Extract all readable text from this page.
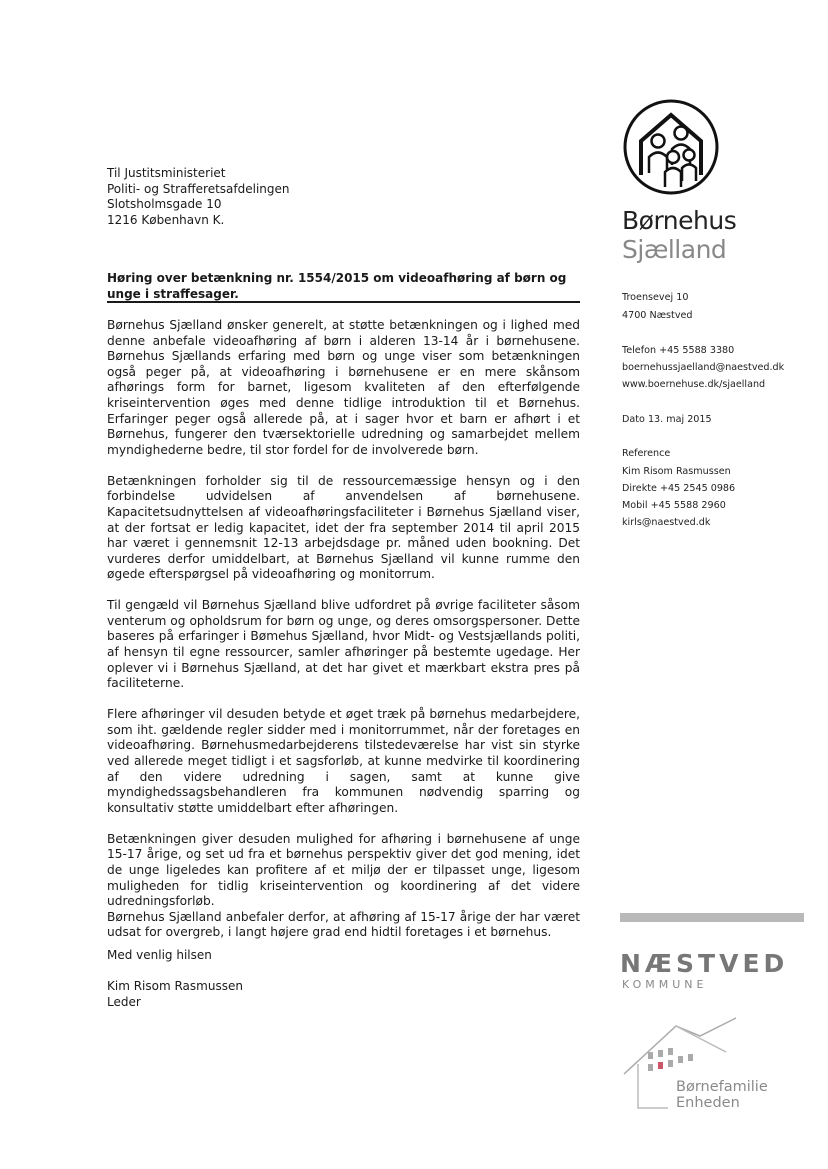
Til Justitsministeriet
Politi- og Strafferetsafdelingen
Slotsholmsgade 10
1216 København K.
Høring over betænkning nr. 1554/2015 om videoafhøring af børn og unge i straffesager.

Børnehus Sjælland ønsker generelt, at støtte betænkningen og i lighed med denne anbefale videoafhøring af børn i alderen 13-14 år i børnehusene. Børnehus Sjællands erfaring med børn og unge viser som betænkningen også peger på, at videoafhøring i børnehusene er en mere skånsom afhørings form for barnet, ligesom kvaliteten af den efterfølgende kriseintervention øges med denne tidlige introduktion til et Børnehus. Erfaringer peger også allerede på, at i sager hvor et barn er afhørt i et Børnehus, fungerer den tværsektorielle udredning og samarbejdet mellem myndighederne bedre, til stor fordel for de involverede børn.

Betænkningen forholder sig til de ressourcemæssige hensyn og i den forbindelse udvidelsen af anvendelsen af børnehusene. Kapacitetsudnyttelsen af videoafhøringsfaciliteter i Børnehus Sjælland viser, at der fortsat er ledig kapacitet, idet der fra september 2014 til april 2015 har været i gennemsnit 12-13 arbejdsdage pr. måned uden bookning. Det vurderes derfor umiddelbart, at Børnehus Sjælland vil kunne rumme den øgede efterspørgsel på videoafhøring og monitorrum.

Til gengæld vil Børnehus Sjælland blive udfordret på øvrige faciliteter såsom venterum og opholdsrum for børn og unge, og deres omsorgspersoner. Dette baseres på erfaringer i Bømehus Sjælland, hvor Midt- og Vestsjællands politi, af hensyn til egne ressourcer, samler afhøringer på bestemte ugedage. Her oplever vi i Børnehus Sjælland, at det har givet et mærkbart ekstra pres på faciliteterne.

Flere afhøringer vil desuden betyde et øget træk på børnehus medarbejdere, som iht. gældende regler sidder med i monitorrummet, når der foretages en videoafhøring. Børnehusmedarbejderens tilstedeværelse har vist sin styrke ved allerede meget tidligt i et sagsforløb, at kunne medvirke til koordinering af den videre udredning i sagen, samt at kunne give myndighedssagsbehandleren fra kommunen nødvendig sparring og konsultativ støtte umiddelbart efter afhøringen.

Betænkningen giver desuden mulighed for afhøring i børnehusene af unge 15-17 årige, og set ud fra et børnehus perspektiv giver det god mening, idet de unge ligeledes kan profitere af et miljø der er tilpasset unge, ligesom muligheden for tidlig kriseintervention og koordinering af det videre udredningsforløb.

Børnehus Sjælland anbefaler derfor, at afhøring af 15-17 årige der har været udsat for overgreb, i langt højere grad end hidtil foretages i et børnehus.

Med venlig hilsen
Kim Risom Rasmussen
Leder
Børnehus
Sjælland
Troensevej 10
4700 Næstved
Telefon +45 5588 3380
boernehussjaelland@naestved.dk
www.boernehuse.dk/sjaelland
Dato 13. maj 2015
Reference
Kim Risom Rasmussen
Direkte +45 2545 0986
Mobil +45 5588 2960
kirls@naestved.dk
NÆSTVED
KOMMUNE
Børnefamilie
Enheden
